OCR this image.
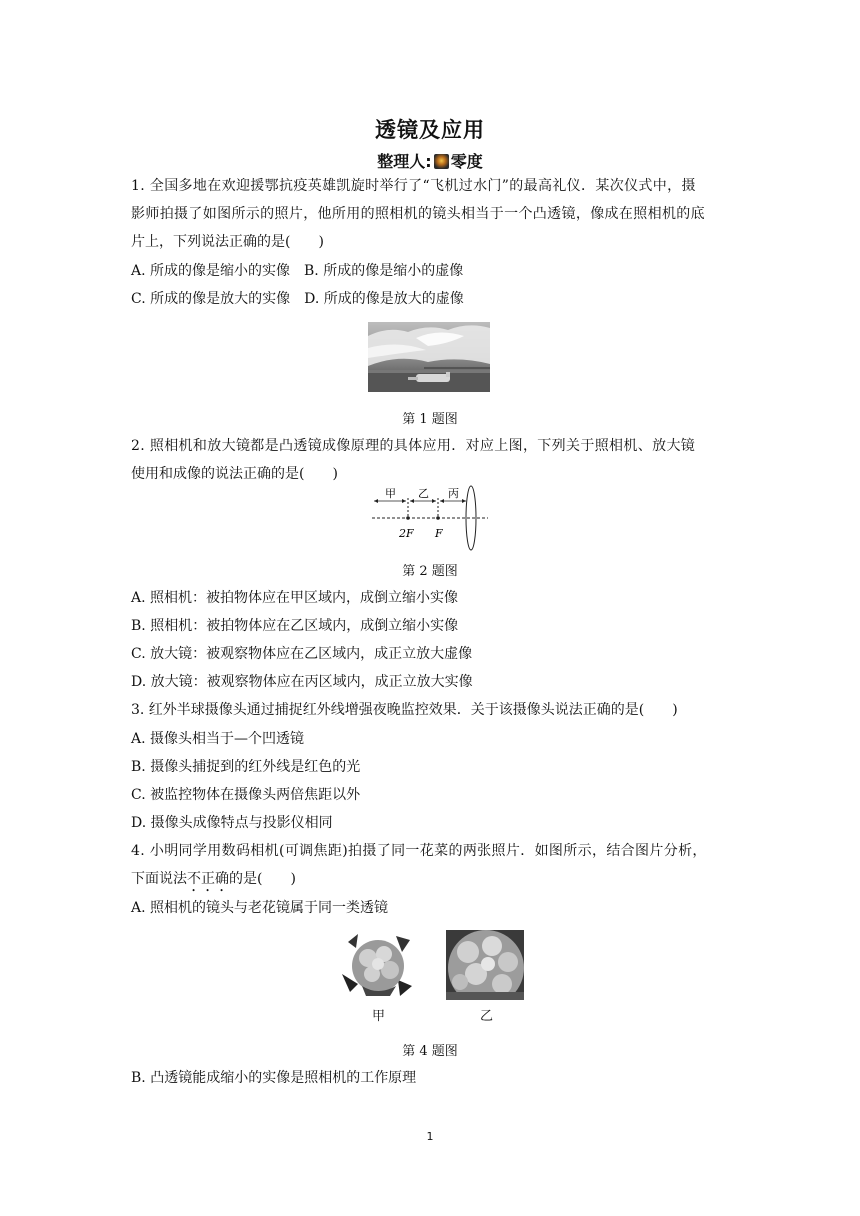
透镜及应用
整理人: 零度
1. 全国多地在欢迎援鄂抗疫英雄凯旋时举行了“飞机过水门”的最高礼仪．某次仪式中，摄
影师拍摄了如图所示的照片，他所用的照相机的镜头相当于一个凸透镜，像成在照相机的底
片上，下列说法正确的是(　　)
A. 所成的像是缩小的实像　B. 所成的像是缩小的虚像
C. 所成的像是放大的实像　D. 所成的像是放大的虚像
第 1 题图
2. 照相机和放大镜都是凸透镜成像原理的具体应用．对应上图，下列关于照相机、放大镜
使用和成像的说法正确的是(　　)
甲 乙 丙
2F F
第 2 题图
A. 照相机：被拍物体应在甲区域内，成倒立缩小实像
B. 照相机：被拍物体应在乙区域内，成倒立缩小实像
C. 放大镜：被观察物体应在乙区域内，成正立放大虚像
D. 放大镜：被观察物体应在丙区域内，成正立放大实像
3. 红外半球摄像头通过捕捉红外线增强夜晚监控效果．关于该摄像头说法正确的是(　　)
A. 摄像头相当于—个凹透镜
B. 摄像头捕捉到的红外线是红色的光
C. 被监控物体在摄像头两倍焦距以外
D. 摄像头成像特点与投影仪相同
4. 小明同学用数码相机(可调焦距)拍摄了同一花菜的两张照片．如图所示，结合图片分析，
下面说法不正确的是(　　)
A. 照相机的镜头与老花镜属于同一类透镜
甲	乙
第 4 题图
B. 凸透镜能成缩小的实像是照相机的工作原理
1
